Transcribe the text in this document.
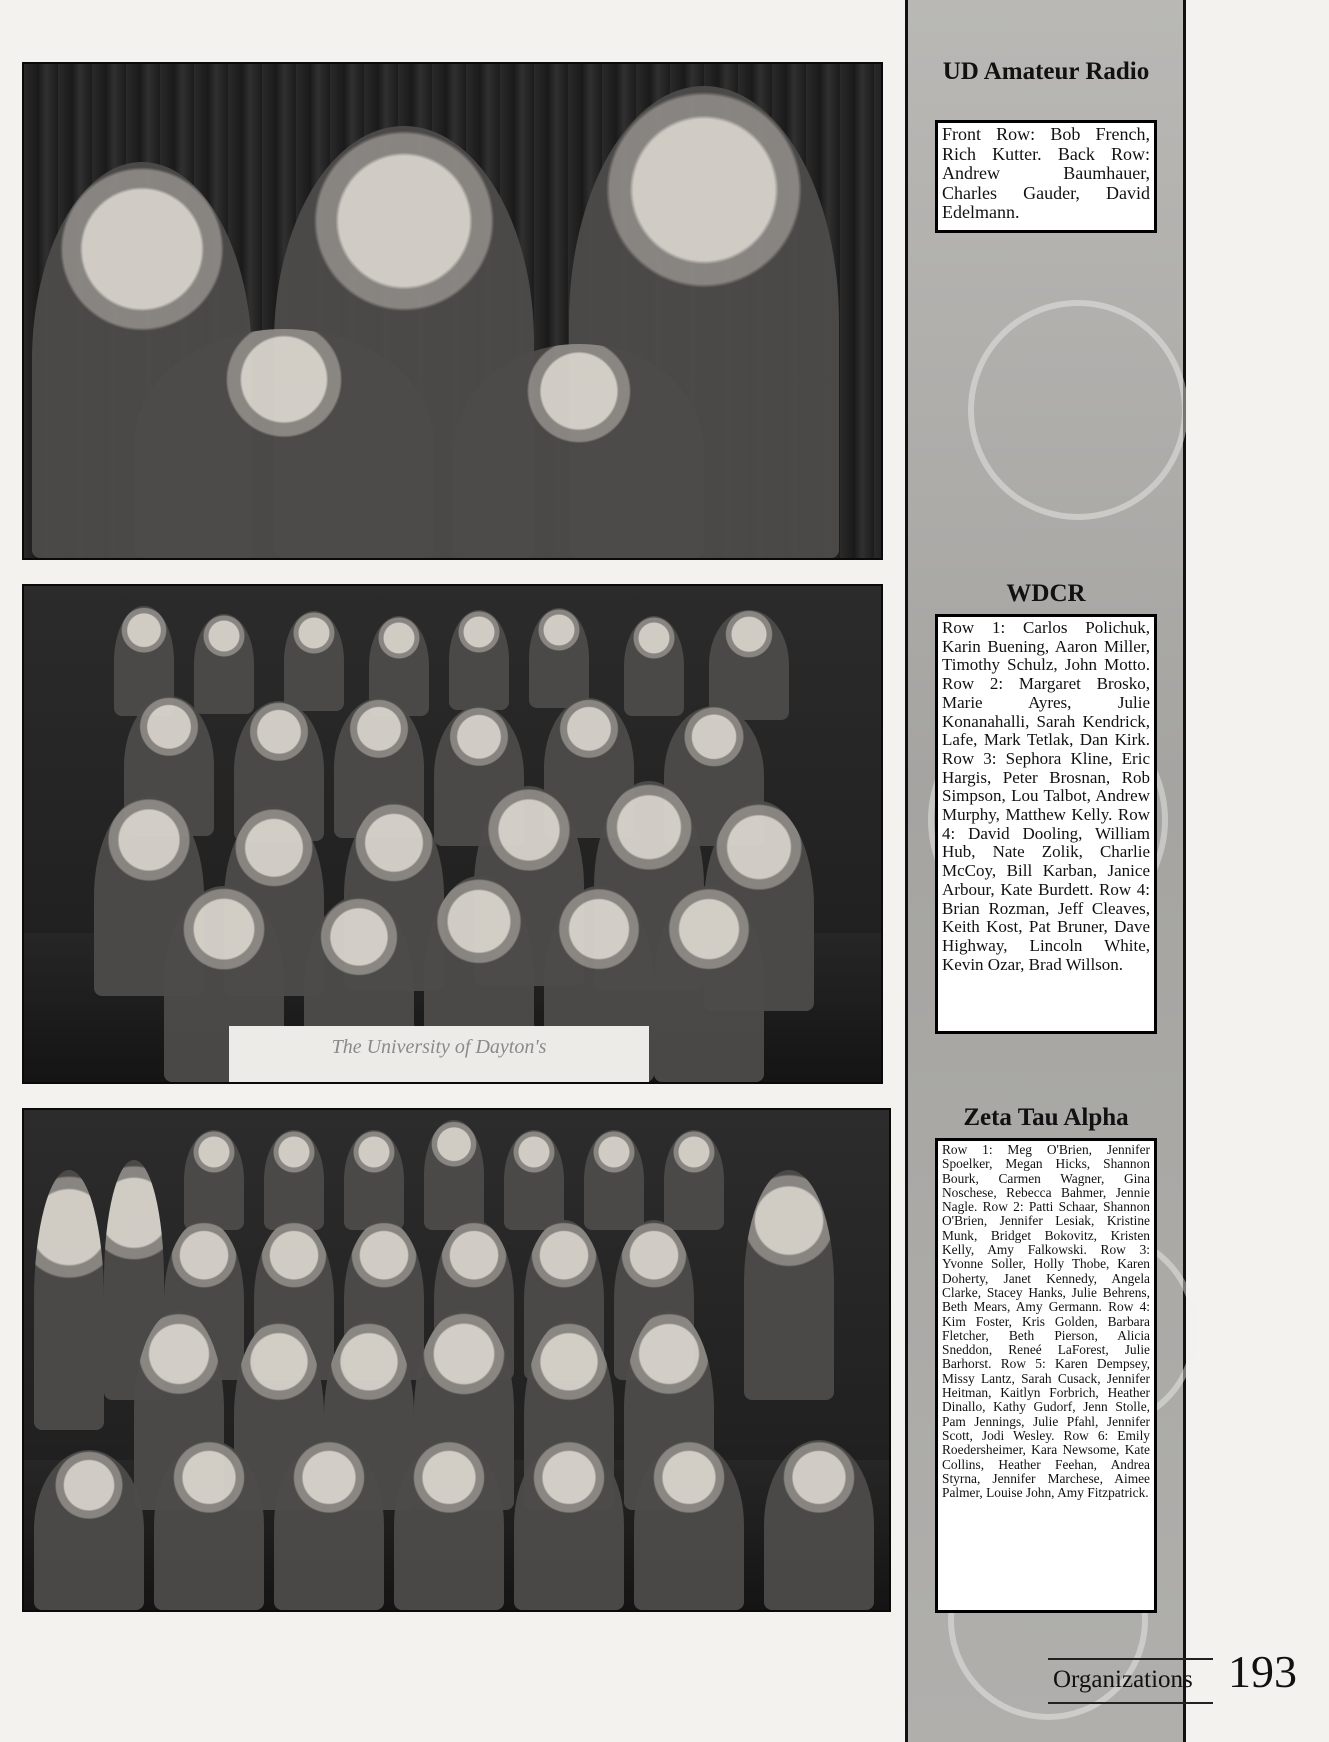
The University of Dayton's
UD Amateur Radio
Front Row: Bob French, Rich Kutter. Back Row: Andrew Baumhauer, Charles Gauder, David Edelmann.
WDCR
Row 1: Carlos Polichuk, Karin Buening, Aaron Miller, Timothy Schulz, John Motto. Row 2: Margaret Brosko, Marie Ayres, Julie Konanahalli, Sarah Kendrick, Lafe, Mark Tetlak, Dan Kirk. Row 3: Sephora Kline, Eric Hargis, Peter Brosnan, Rob Simpson, Lou Talbot, Andrew Murphy, Matthew Kelly. Row 4: David Dooling, William Hub, Nate Zolik, Charlie McCoy, Bill Karban, Janice Arbour, Kate Burdett. Row 4: Brian Rozman, Jeff Cleaves, Keith Kost, Pat Bruner, Dave Highway, Lincoln White, Kevin Ozar, Brad Willson.
Zeta Tau Alpha
Row 1: Meg O'Brien, Jennifer Spoelker, Megan Hicks, Shannon Bourk, Carmen Wagner, Gina Noschese, Rebecca Bahmer, Jennie Nagle. Row 2: Patti Schaar, Shannon O'Brien, Jennifer Lesiak, Kristine Munk, Bridget Bokovitz, Kristen Kelly, Amy Falkowski. Row 3: Yvonne Soller, Holly Thobe, Karen Doherty, Janet Kennedy, Angela Clarke, Stacey Hanks, Julie Behrens, Beth Mears, Amy Germann. Row 4: Kim Foster, Kris Golden, Barbara Fletcher, Beth Pierson, Alicia Sneddon, Reneé LaForest, Julie Barhorst. Row 5: Karen Dempsey, Missy Lantz, Sarah Cusack, Jennifer Heitman, Kaitlyn Forbrich, Heather Dinallo, Kathy Gudorf, Jenn Stolle, Pam Jennings, Julie Pfahl, Jennifer Scott, Jodi Wesley. Row 6: Emily Roedersheimer, Kara Newsome, Kate Collins, Heather Feehan, Andrea Styrna, Jennifer Marchese, Aimee Palmer, Louise John, Amy Fitzpatrick.
Organizations 193
